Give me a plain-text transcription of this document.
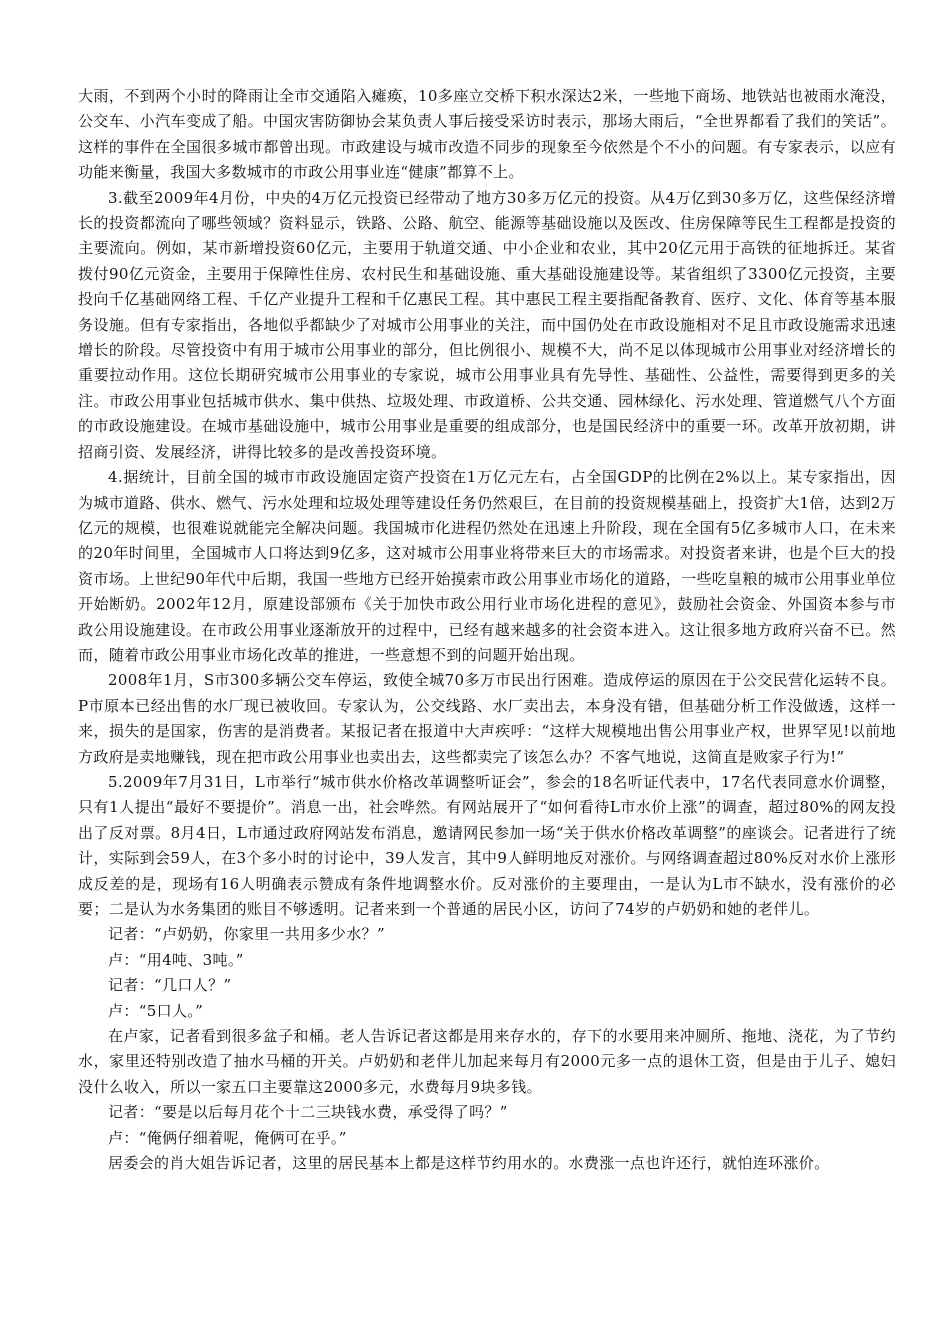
大雨，不到两个小时的降雨让全市交通陷入瘫痪，10多座立交桥下积水深达2米，一些地下商场、地铁站也被雨水淹没，公交车、小汽车变成了船。中国灾害防御协会某负责人事后接受采访时表示，那场大雨后，“全世界都看了我们的笑话”。这样的事件在全国很多城市都曾出现。市政建设与城市改造不同步的现象至今依然是个不小的问题。有专家表示，以应有功能来衡量，我国大多数城市的市政公用事业连“健康”都算不上。

3.截至2009年4月份，中央的4万亿元投资已经带动了地方30多万亿元的投资。从4万亿到30多万亿，这些保经济增长的投资都流向了哪些领域？资料显示，铁路、公路、航空、能源等基础设施以及医改、住房保障等民生工程都是投资的主要流向。例如，某市新增投资60亿元，主要用于轨道交通、中小企业和农业，其中20亿元用于高铁的征地拆迁。某省拨付90亿元资金，主要用于保障性住房、农村民生和基础设施、重大基础设施建设等。某省组织了3300亿元投资，主要投向千亿基础网络工程、千亿产业提升工程和千亿惠民工程。其中惠民工程主要指配备教育、医疗、文化、体育等基本服务设施。但有专家指出，各地似乎都缺少了对城市公用事业的关注，而中国仍处在市政设施相对不足且市政设施需求迅速增长的阶段。尽管投资中有用于城市公用事业的部分，但比例很小、规模不大，尚不足以体现城市公用事业对经济增长的重要拉动作用。这位长期研究城市公用事业的专家说，城市公用事业具有先导性、基础性、公益性，需要得到更多的关注。市政公用事业包括城市供水、集中供热、垃圾处理、市政道桥、公共交通、园林绿化、污水处理、管道燃气八个方面的市政设施建设。在城市基础设施中，城市公用事业是重要的组成部分，也是国民经济中的重要一环。改革开放初期，讲招商引资、发展经济，讲得比较多的是改善投资环境。

4.据统计，目前全国的城市市政设施固定资产投资在1万亿元左右，占全国GDP的比例在2%以上。某专家指出，因为城市道路、供水、燃气、污水处理和垃圾处理等建设任务仍然艰巨，在目前的投资规模基础上，投资扩大1倍，达到2万亿元的规模，也很难说就能完全解决问题。我国城市化进程仍然处在迅速上升阶段，现在全国有5亿多城市人口，在未来的20年时间里，全国城市人口将达到9亿多，这对城市公用事业将带来巨大的市场需求。对投资者来讲，也是个巨大的投资市场。上世纪90年代中后期，我国一些地方已经开始摸索市政公用事业市场化的道路，一些吃皇粮的城市公用事业单位开始断奶。2002年12月，原建设部颁布《关于加快市政公用行业市场化进程的意见》，鼓励社会资金、外国资本参与市政公用设施建设。在市政公用事业逐渐放开的过程中，已经有越来越多的社会资本进入。这让很多地方政府兴奋不已。然而，随着市政公用事业市场化改革的推进，一些意想不到的问题开始出现。

2008年1月，S市300多辆公交车停运，致使全城70多万市民出行困难。造成停运的原因在于公交民营化运转不良。P市原本已经出售的水厂现已被收回。专家认为，公交线路、水厂卖出去，本身没有错，但基础分析工作没做透，这样一来，损失的是国家，伤害的是消费者。某报记者在报道中大声疾呼：“这样大规模地出售公用事业产权，世界罕见!以前地方政府是卖地赚钱，现在把市政公用事业也卖出去，这些都卖完了该怎么办？不客气地说，这简直是败家子行为!”

5.2009年7月31日，L市举行“城市供水价格改革调整听证会”，参会的18名听证代表中，17名代表同意水价调整，只有1人提出“最好不要提价”。消息一出，社会哗然。有网站展开了“如何看待L市水价上涨”的调查，超过80%的网友投出了反对票。8月4日，L市通过政府网站发布消息，邀请网民参加一场“关于供水价格改革调整”的座谈会。记者进行了统计，实际到会59人，在3个多小时的讨论中，39人发言，其中9人鲜明地反对涨价。与网络调查超过80%反对水价上涨形成反差的是，现场有16人明确表示赞成有条件地调整水价。反对涨价的主要理由，一是认为L市不缺水，没有涨价的必要；二是认为水务集团的账目不够透明。记者来到一个普通的居民小区，访问了74岁的卢奶奶和她的老伴儿。

记者：“卢奶奶，你家里一共用多少水？”

卢：“用4吨、3吨。”

记者：“几口人？”

卢：“5口人。”

在卢家，记者看到很多盆子和桶。老人告诉记者这都是用来存水的，存下的水要用来冲厕所、拖地、浇花，为了节约水，家里还特别改造了抽水马桶的开关。卢奶奶和老伴儿加起来每月有2000元多一点的退休工资，但是由于儿子、媳妇没什么收入，所以一家五口主要靠这2000多元，水费每月9块多钱。

记者：“要是以后每月花个十二三块钱水费，承受得了吗？”

卢：“俺俩仔细着呢，俺俩可在乎。”

居委会的肖大姐告诉记者，这里的居民基本上都是这样节约用水的。水费涨一点也许还行，就怕连环涨价。
